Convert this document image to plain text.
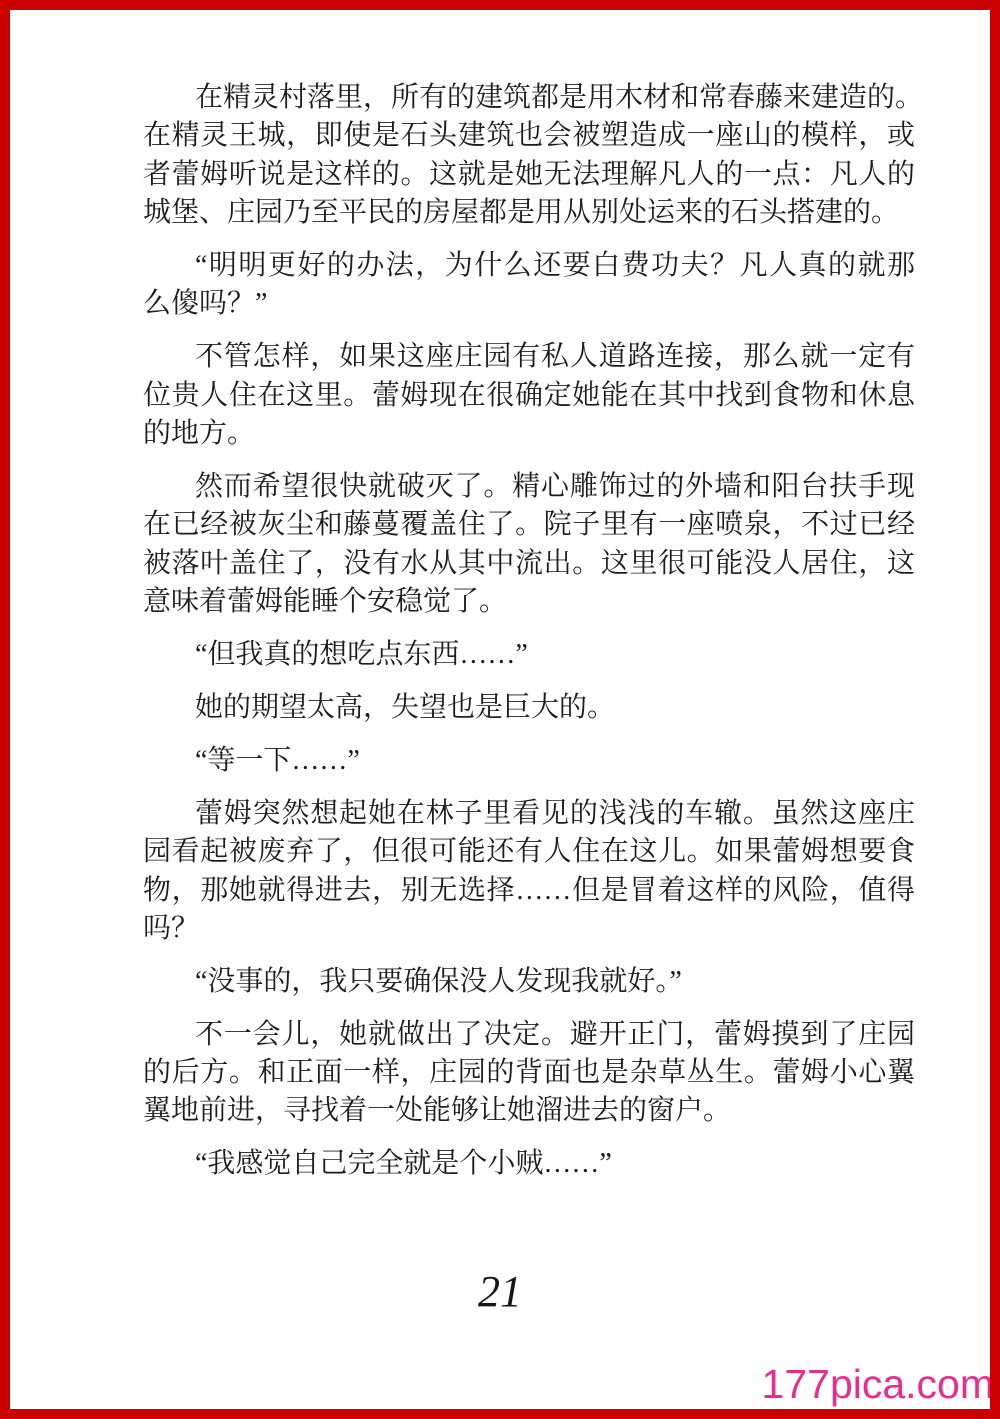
在精灵村落里，所有的建筑都是用木材和常春藤来建造的。
在精灵王城，即使是石头建筑也会被塑造成一座山的模样，或
者蕾姆听说是这样的。这就是她无法理解凡人的一点：凡人的
城堡、庄园乃至平民的房屋都是用从别处运来的石头搭建的。
“明明更好的办法，为什么还要白费功夫？凡人真的就那
么傻吗？”
不管怎样，如果这座庄园有私人道路连接，那么就一定有
位贵人住在这里。蕾姆现在很确定她能在其中找到食物和休息
的地方。
然而希望很快就破灭了。精心雕饰过的外墙和阳台扶手现
在已经被灰尘和藤蔓覆盖住了。院子里有一座喷泉，不过已经
被落叶盖住了，没有水从其中流出。这里很可能没人居住，这
意味着蕾姆能睡个安稳觉了。
“但我真的想吃点东西……”
她的期望太高，失望也是巨大的。
“等一下……”
蕾姆突然想起她在林子里看见的浅浅的车辙。虽然这座庄
园看起被废弃了，但很可能还有人住在这儿。如果蕾姆想要食
物，那她就得进去，别无选择……但是冒着这样的风险，值得
吗？
“没事的，我只要确保没人发现我就好。”
不一会儿，她就做出了决定。避开正门，蕾姆摸到了庄园
的后方。和正面一样，庄园的背面也是杂草丛生。蕾姆小心翼
翼地前进，寻找着一处能够让她溜进去的窗户。
“我感觉自己完全就是个小贼……”
21
177pica.com
